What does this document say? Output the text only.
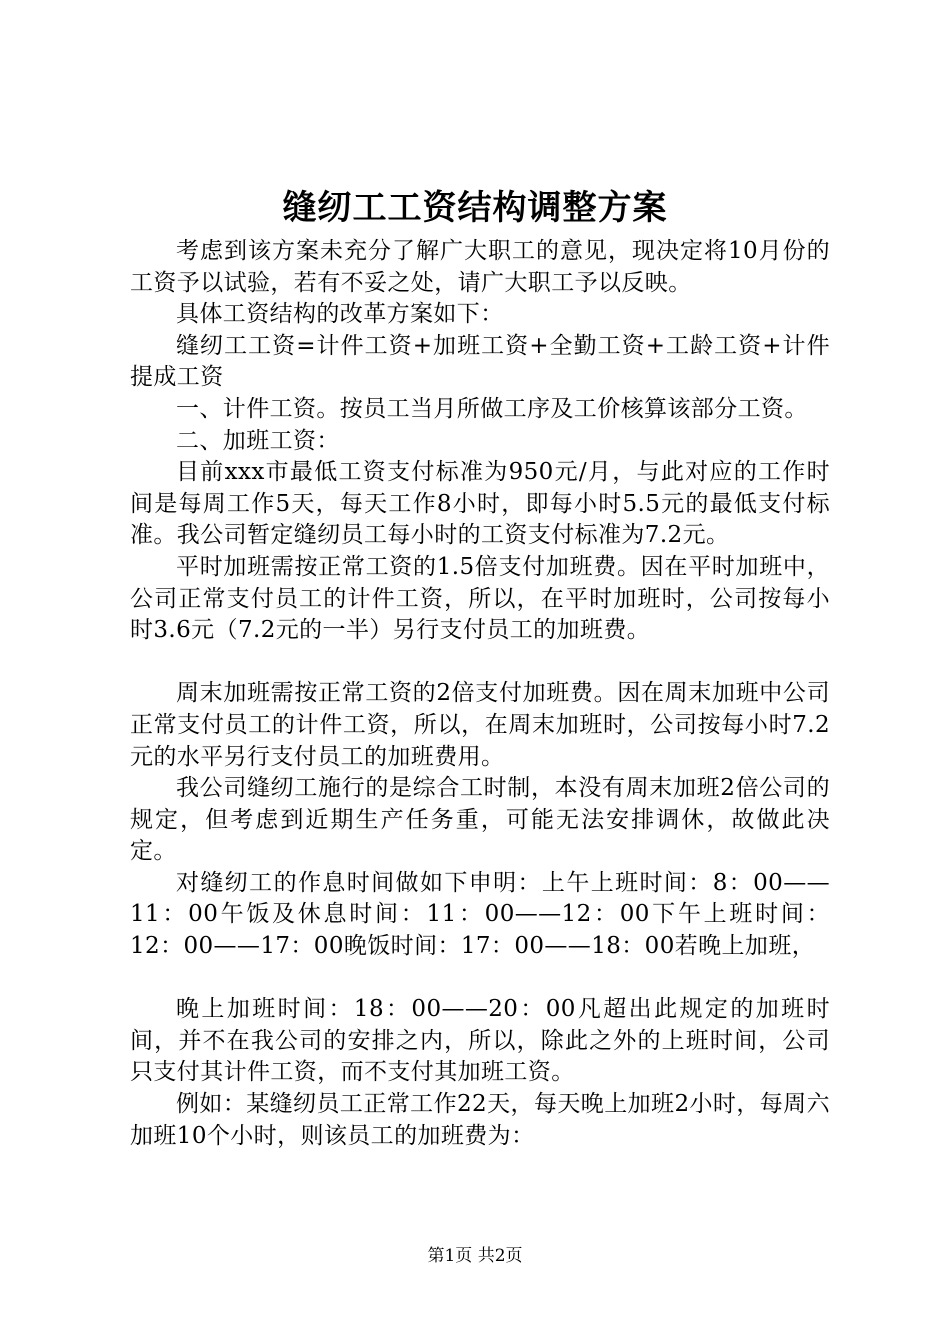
缝纫工工资结构调整方案

考虑到该方案未充分了解广大职工的意见，现决定将10月份的工资予以试验，若有不妥之处，请广大职工予以反映。

具体工资结构的改革方案如下：

缝纫工工资=计件工资+加班工资+全勤工资+工龄工资+计件提成工资

一、计件工资。按员工当月所做工序及工价核算该部分工资。

二、加班工资：

目前xxx市最低工资支付标准为950元/月，与此对应的工作时间是每周工作5天，每天工作8小时，即每小时5.5元的最低支付标准。我公司暂定缝纫员工每小时的工资支付标准为7.2元。

平时加班需按正常工资的1.5倍支付加班费。因在平时加班中，公司正常支付员工的计件工资，所以，在平时加班时，公司按每小时3.6元（7.2元的一半）另行支付员工的加班费。

周末加班需按正常工资的2倍支付加班费。因在周末加班中公司正常支付员工的计件工资，所以，在周末加班时，公司按每小时7.2元的水平另行支付员工的加班费用。

我公司缝纫工施行的是综合工时制，本没有周末加班2倍公司的规定，但考虑到近期生产任务重，可能无法安排调休，故做此决定。

对缝纫工的作息时间做如下申明：上午上班时间：8：00——11：00午饭及休息时间：11：00——12：00下午上班时间：12：00——17：00晚饭时间：17：00——18：00若晚上加班，

晚上加班时间：18：00——20：00凡超出此规定的加班时间，并不在我公司的安排之内，所以，除此之外的上班时间，公司只支付其计件工资，而不支付其加班工资。

例如：某缝纫员工正常工作22天，每天晚上加班2小时，每周六加班10个小时，则该员工的加班费为：

第1页 共2页
